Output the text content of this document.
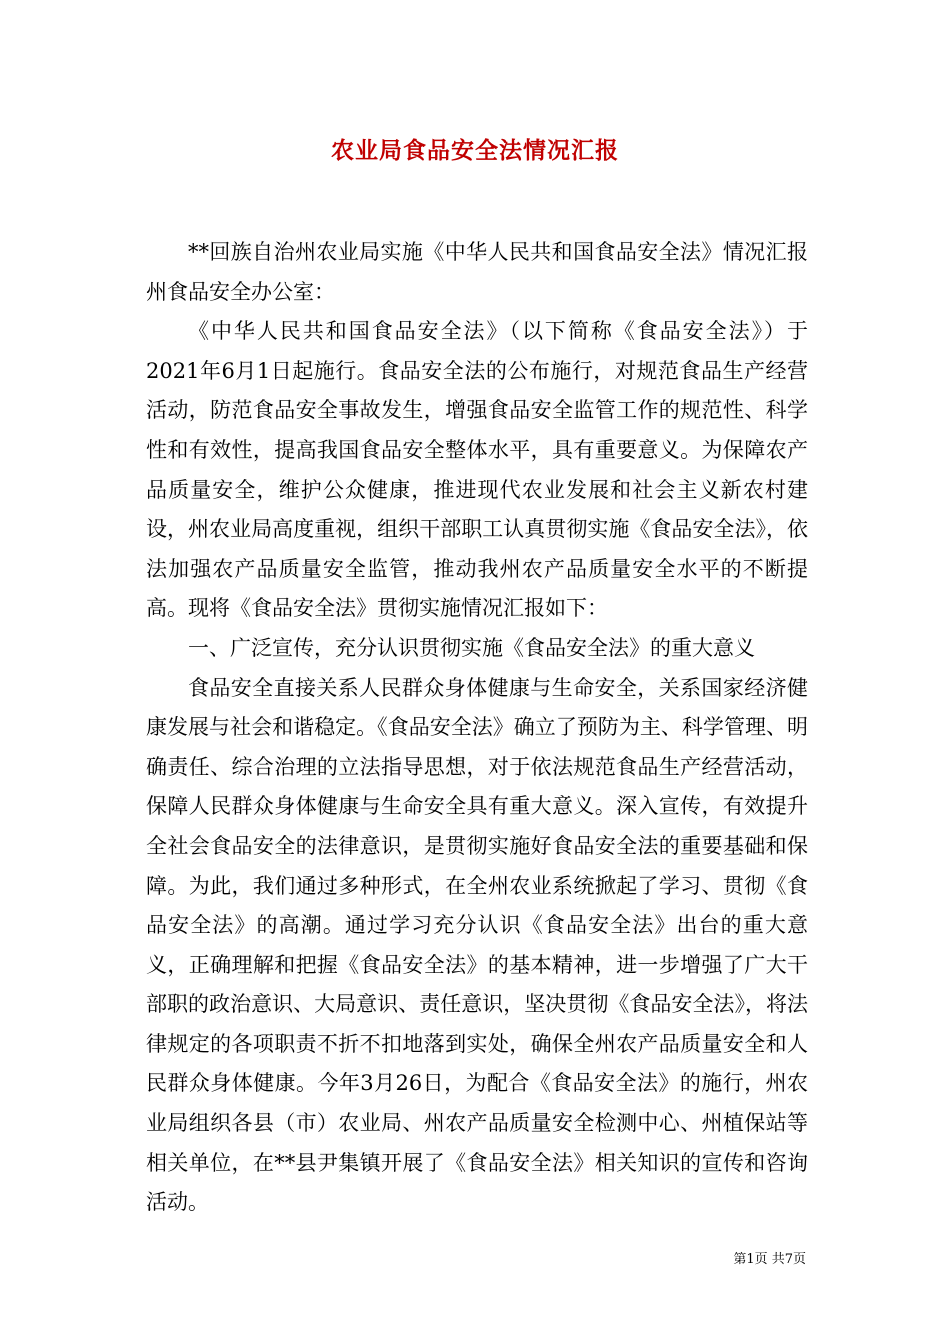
农业局食品安全法情况汇报

**回族自治州农业局实施《中华人民共和国食品安全法》情况汇报州食品安全办公室：

《中华人民共和国食品安全法》（以下简称《食品安全法》）于2021年6月1日起施行。食品安全法的公布施行，对规范食品生产经营活动，防范食品安全事故发生，增强食品安全监管工作的规范性、科学性和有效性，提高我国食品安全整体水平，具有重要意义。为保障农产品质量安全，维护公众健康，推进现代农业发展和社会主义新农村建设，州农业局高度重视，组织干部职工认真贯彻实施《食品安全法》，依法加强农产品质量安全监管，推动我州农产品质量安全水平的不断提高。现将《食品安全法》贯彻实施情况汇报如下：

一、广泛宣传，充分认识贯彻实施《食品安全法》的重大意义

食品安全直接关系人民群众身体健康与生命安全，关系国家经济健康发展与社会和谐稳定。《食品安全法》确立了预防为主、科学管理、明确责任、综合治理的立法指导思想，对于依法规范食品生产经营活动，保障人民群众身体健康与生命安全具有重大意义。深入宣传，有效提升全社会食品安全的法律意识，是贯彻实施好食品安全法的重要基础和保障。为此，我们通过多种形式，在全州农业系统掀起了学习、贯彻《食品安全法》的高潮。通过学习充分认识《食品安全法》出台的重大意义，正确理解和把握《食品安全法》的基本精神，进一步增强了广大干部职的政治意识、大局意识、责任意识，坚决贯彻《食品安全法》，将法律规定的各项职责不折不扣地落到实处，确保全州农产品质量安全和人民群众身体健康。今年3月26日，为配合《食品安全法》的施行，州农业局组织各县（市）农业局、州农产品质量安全检测中心、州植保站等相关单位，在**县尹集镇开展了《食品安全法》相关知识的宣传和咨询活动。

第1页 共7页
